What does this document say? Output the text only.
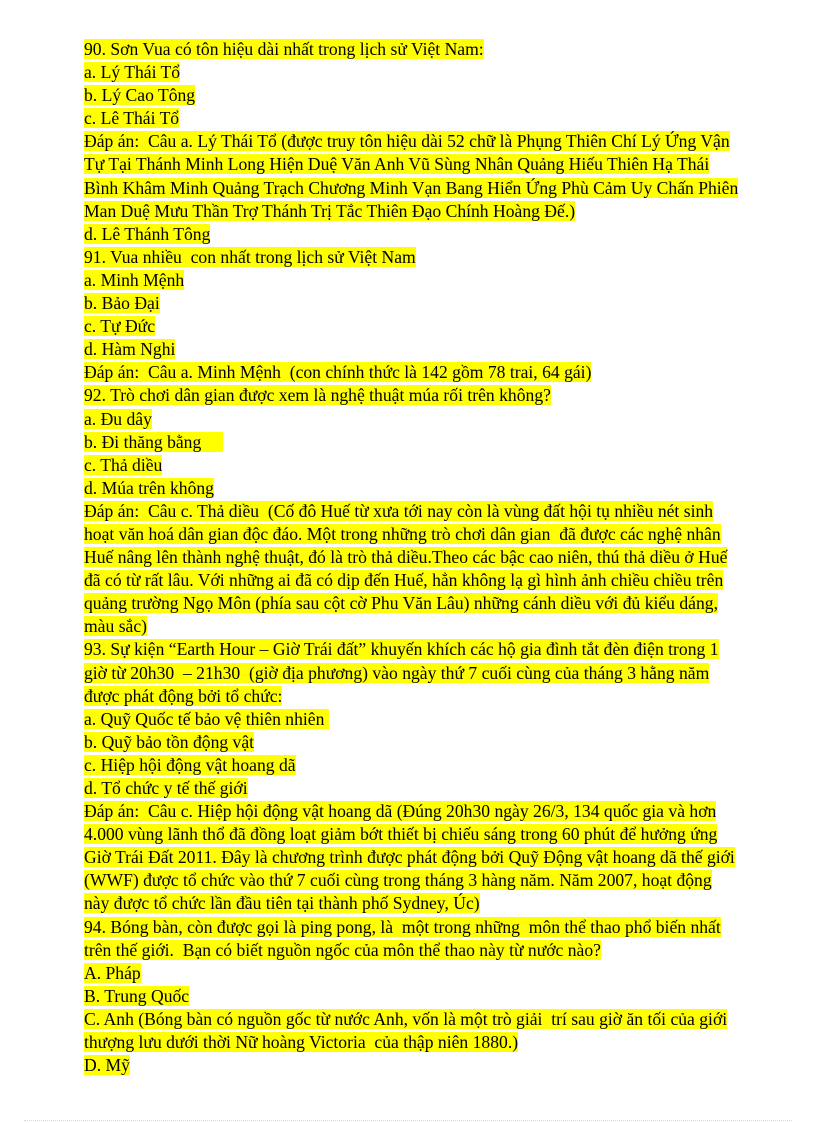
90. Sơn Vua có tôn hiệu dài nhất trong lịch sử Việt Nam:
a. Lý Thái Tổ
b. Lý Cao Tông
c. Lê Thái Tổ
Đáp án:  Câu a. Lý Thái Tổ (được truy tôn hiệu dài 52 chữ là Phụng Thiên Chí Lý Ứng Vận
Tự Tại Thánh Minh Long Hiện Duệ Văn Anh Vũ Sùng Nhân Quảng Hiếu Thiên Hạ Thái
Bình Khâm Minh Quảng Trạch Chương Minh Vạn Bang Hiển Ứng Phù Cảm Uy Chấn Phiên
Man Duệ Mưu Thần Trợ Thánh Trị Tắc Thiên Đạo Chính Hoàng Đế.)
d. Lê Thánh Tông
91. Vua nhiều  con nhất trong lịch sử Việt Nam
a. Minh Mệnh
b. Bảo Đại
c. Tự Đức
d. Hàm Nghi
Đáp án:  Câu a. Minh Mệnh  (con chính thức là 142 gồm 78 trai, 64 gái)
92. Trò chơi dân gian được xem là nghệ thuật múa rối trên không?
a. Đu dây
b. Đi thăng bằng
c. Thả diều
d. Múa trên không
Đáp án:  Câu c. Thả diều  (Cố đô Huế từ xưa tới nay còn là vùng đất hội tụ nhiều nét sinh
hoạt văn hoá dân gian độc đáo. Một trong những trò chơi dân gian  đã được các nghệ nhân
Huế nâng lên thành nghệ thuật, đó là trò thả diều.Theo các bậc cao niên, thú thả diều ở Huế
đã có từ rất lâu. Với những ai đã có dịp đến Huế, hẳn không lạ gì hình ảnh chiều chiều trên
quảng trường Ngọ Môn (phía sau cột cờ Phu Văn Lâu) những cánh diều với đủ kiểu dáng,
màu sắc)
93. Sự kiện “Earth Hour – Giờ Trái đất” khuyến khích các hộ gia đình tắt đèn điện trong 1
giờ từ 20h30  – 21h30  (giờ địa phương) vào ngày thứ 7 cuối cùng của tháng 3 hằng năm
được phát động bởi tổ chức:
a. Quỹ Quốc tế bảo vệ thiên nhiên
b. Quỹ bảo tồn động vật
c. Hiệp hội động vật hoang dã
d. Tổ chức y tế thế giới
Đáp án:  Câu c. Hiệp hội động vật hoang dã (Đúng 20h30 ngày 26/3, 134 quốc gia và hơn
4.000 vùng lãnh thổ đã đồng loạt giảm bớt thiết bị chiếu sáng trong 60 phút để hưởng ứng
Giờ Trái Đất 2011. Đây là chương trình được phát động bởi Quỹ Động vật hoang dã thế giới
(WWF) được tổ chức vào thứ 7 cuối cùng trong tháng 3 hàng năm. Năm 2007, hoạt động
này được tổ chức lần đầu tiên tại thành phố Sydney, Úc)
94. Bóng bàn, còn được gọi là ping pong, là  một trong những  môn thể thao phổ biến nhất
trên thế giới.  Bạn có biết nguồn ngốc của môn thể thao này từ nước nào?
A. Pháp
B. Trung Quốc
C. Anh (Bóng bàn có nguồn gốc từ nước Anh, vốn là một trò giải  trí sau giờ ăn tối của giới
thượng lưu dưới thời Nữ hoàng Victoria  của thập niên 1880.)
D. Mỹ
